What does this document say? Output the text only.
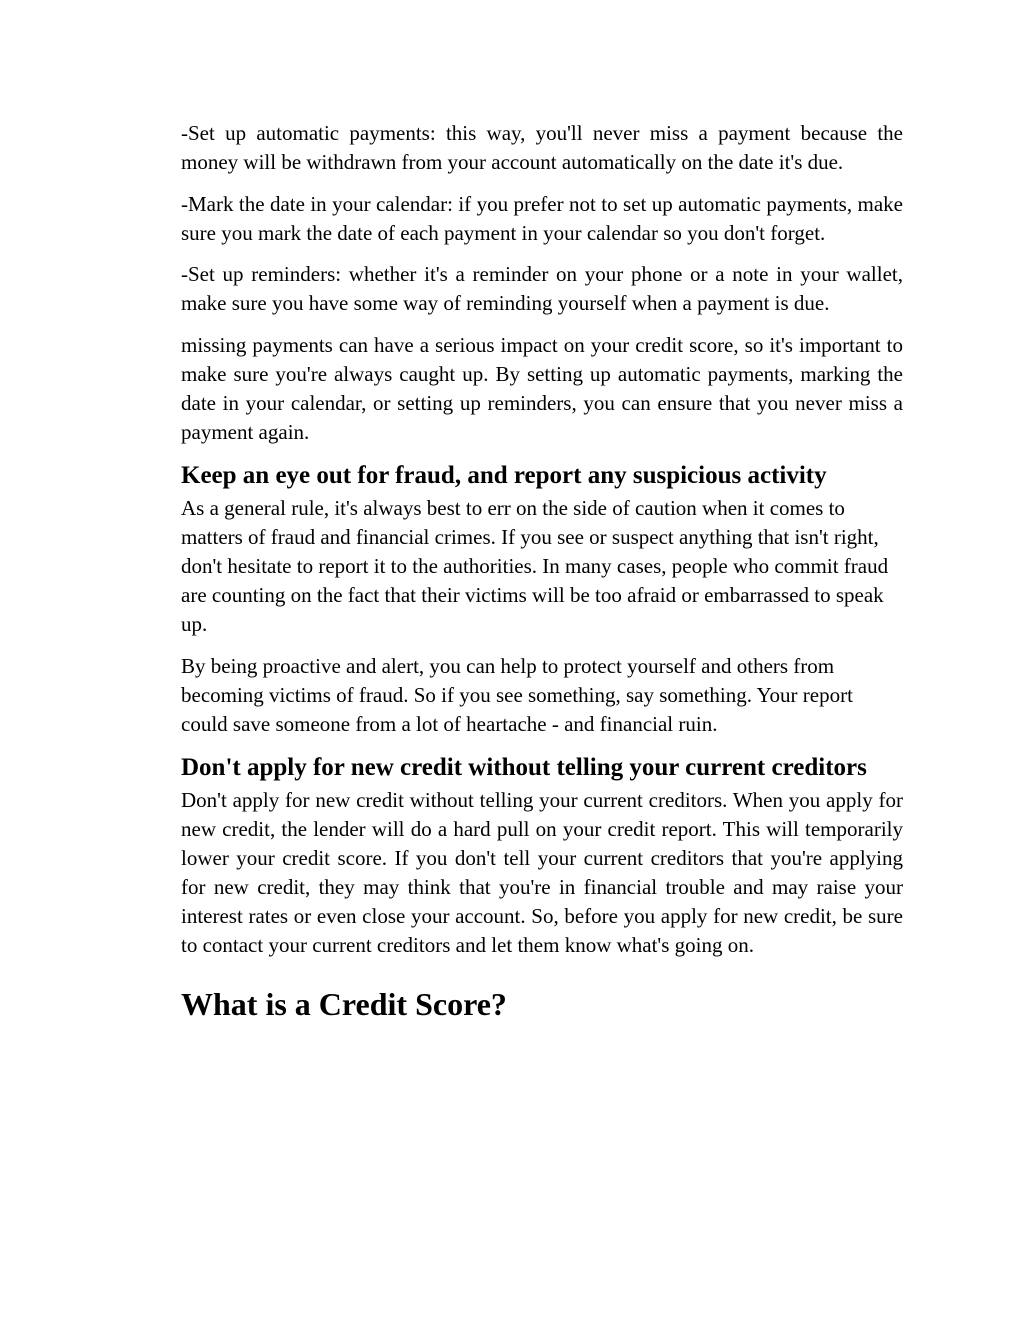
-Set up automatic payments: this way, you'll never miss a payment because the money will be withdrawn from your account automatically on the date it's due.

-Mark the date in your calendar: if you prefer not to set up automatic payments, make sure you mark the date of each payment in your calendar so you don't forget.

-Set up reminders: whether it's a reminder on your phone or a note in your wallet, make sure you have some way of reminding yourself when a payment is due.

missing payments can have a serious impact on your credit score, so it's important to make sure you're always caught up. By setting up automatic payments, marking the date in your calendar, or setting up reminders, you can ensure that you never miss a payment again.

Keep an eye out for fraud, and report any suspicious activity

As a general rule, it's always best to err on the side of caution when it comes to matters of fraud and financial crimes. If you see or suspect anything that isn't right, don't hesitate to report it to the authorities. In many cases, people who commit fraud are counting on the fact that their victims will be too afraid or embarrassed to speak up.

By being proactive and alert, you can help to protect yourself and others from becoming victims of fraud. So if you see something, say something. Your report could save someone from a lot of heartache - and financial ruin.

Don't apply for new credit without telling your current creditors

Don't apply for new credit without telling your current creditors. When you apply for new credit, the lender will do a hard pull on your credit report. This will temporarily lower your credit score. If you don't tell your current creditors that you're applying for new credit, they may think that you're in financial trouble and may raise your interest rates or even close your account. So, before you apply for new credit, be sure to contact your current creditors and let them know what's going on.

What is a Credit Score?
